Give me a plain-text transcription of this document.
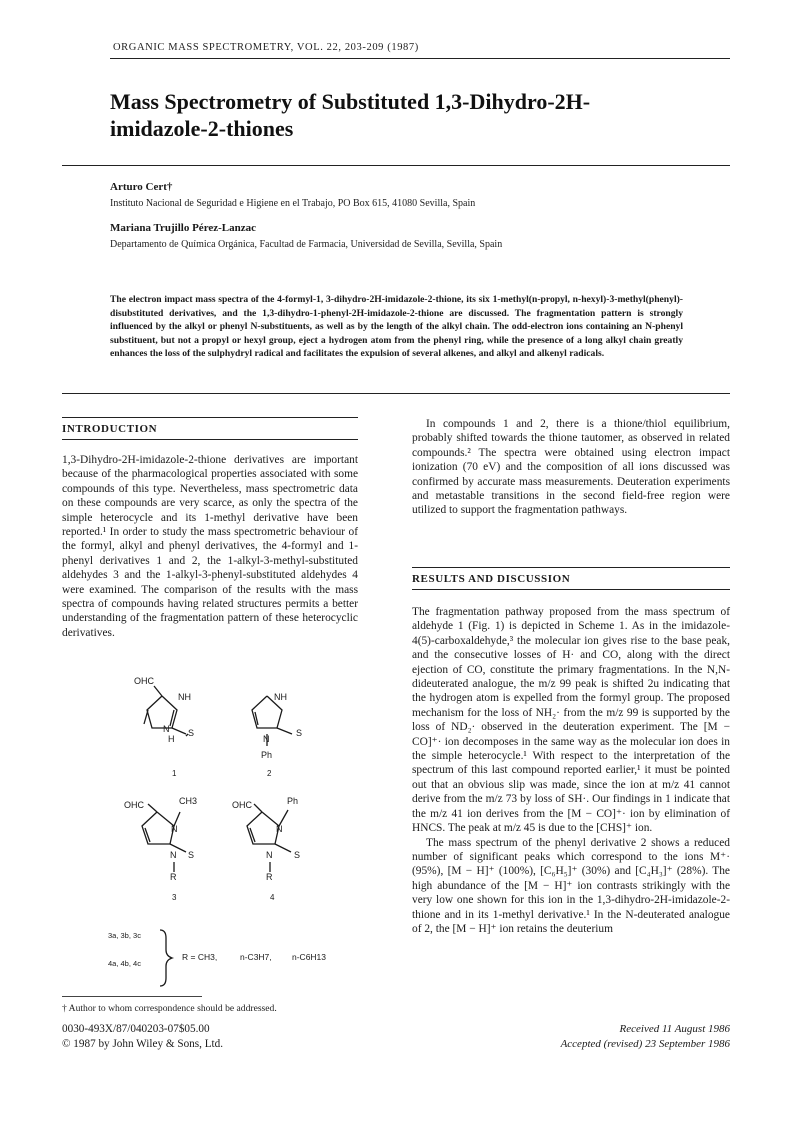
ORGANIC MASS SPECTROMETRY, VOL. 22, 203-209 (1987)
Mass Spectrometry of Substituted 1,3-Dihydro-2H-
imidazole-2-thiones
Arturo Cert†
Instituto Nacional de Seguridad e Higiene en el Trabajo, PO Box 615, 41080 Sevilla, Spain
Mariana Trujillo Pérez-Lanzac
Departamento de Química Orgánica, Facultad de Farmacia, Universidad de Sevilla, Sevilla, Spain
The electron impact mass spectra of the 4-formyl-1, 3-dihydro-2H-imidazole-2-thione, its six 1-methyl(n-propyl, n-hexyl)-3-methyl(phenyl)-disubstituted derivatives, and the 1,3-dihydro-1-phenyl-2H-imidazole-2-thione are discussed. The fragmentation pattern is strongly influenced by the alkyl or phenyl N-substituents, as well as by the length of the alkyl chain. The odd-electron ions containing an N-phenyl substituent, but not a propyl or hexyl group, eject a hydrogen atom from the phenyl ring, while the presence of a long alkyl chain greatly enhances the loss of the sulphydryl radical and facilitates the expulsion of several alkenes, and alkyl and alkenyl radicals.
INTRODUCTION

1,3-Dihydro-2H-imidazole-2-thione derivatives are important because of the pharmacological properties associated with some compounds of this type. Nevertheless, mass spectrometric data on these compounds are very scarce, as only the spectra of the simple heterocycle and its 1-methyl derivative have been reported.¹ In order to study the mass spectrometric behaviour of the formyl, alkyl and phenyl derivatives, the 4-formyl and 1-phenyl derivatives 1 and 2, the 1-alkyl-3-methyl-substituted aldehydes 3 and the 1-alkyl-3-phenyl-substituted aldehydes 4 were examined. The comparison of the results with the mass spectra of compounds having related structures permits a better understanding of the fragmentation pattern of these heterocyclic derivatives.

OHC
NH
N S
H
1
NH
N
S
Ph
2
OHC	CH3
N
S
N
R
3
OHC	Ph
N
S
N
R
4
3a, 3b, 3c
4a, 4b, 4c
R = CH3,	n-C3H7, n-C6H13

In compounds 1 and 2, there is a thione/thiol equilibrium, probably shifted towards the thione tautomer, as observed in related compounds.² The spectra were obtained using electron impact ionization (70 eV) and the composition of all ions discussed was confirmed by accurate mass measurements. Deuteration experiments and metastable transitions in the second field-free region were utilized to support the fragmentation pathways.

RESULTS AND DISCUSSION

The fragmentation pathway proposed from the mass spectrum of aldehyde 1 (Fig. 1) is depicted in Scheme 1. As in the imidazole-4(5)-carboxaldehyde,³ the molecular ion gives rise to the base peak, and the consecutive losses of H· and CO, along with the direct ejection of CO, constitute the primary fragmentations. In the N,N-dideuterated analogue, the m/z 99 peak is shifted 2u indicating that the hydrogen atom is expelled from the formyl group. The proposed mechanism for the loss of NH₂· from the m/z 99 is supported by the loss of ND₂· observed in the deuteration experiment. The [M − CO]⁺· ion decomposes in the same way as the molecular ion does in the simple heterocycle.¹ With respect to the interpretation of the spectrum of this last compound reported earlier,¹ it must be pointed out that an obvious slip was made, since the ion at m/z 41 cannot derive from the m/z 73 by loss of SH·. Our findings in 1 indicate that the m/z 41 ion derives from the [M − CO]⁺· ion by elimination of HNCS. The peak at m/z 45 is due to the [CHS]⁺ ion.

The mass spectrum of the phenyl derivative 2 shows a reduced number of significant peaks which correspond to the ions M⁺· (95%), [M − H]⁺ (100%), [C₆H₅]⁺ (30%) and [C₄H₃]⁺ (28%). The high abundance of the [M − H]⁺ ion contrasts strikingly with the very low one shown for this ion in the 1,3-dihydro-2H-imidazole-2-thione and in its 1-methyl derivative.¹ In the N-deuterated analogue of 2, the [M − H]⁺ ion retains the deuterium

† Author to whom correspondence should be addressed.
0030-493X/87/040203-07$05.00
© 1987 by John Wiley & Sons, Ltd.
Received 11 August 1986
Accepted (revised) 23 September 1986
